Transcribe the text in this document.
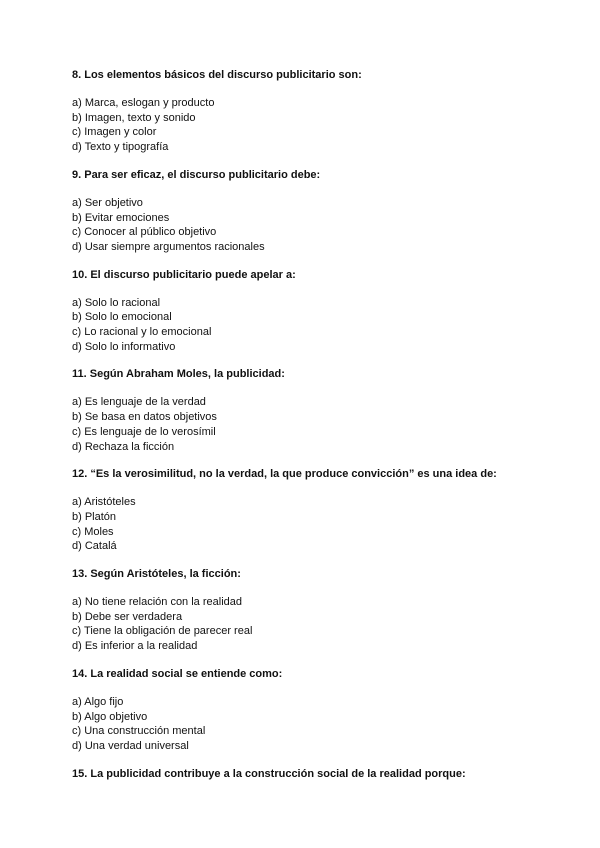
8. Los elementos básicos del discurso publicitario son:

a) Marca, eslogan y producto

b) Imagen, texto y sonido

c) Imagen y color

d) Texto y tipografía

9. Para ser eficaz, el discurso publicitario debe:

a) Ser objetivo

b) Evitar emociones

c) Conocer al público objetivo

d) Usar siempre argumentos racionales

10. El discurso publicitario puede apelar a:

a) Solo lo racional

b) Solo lo emocional

c) Lo racional y lo emocional

d) Solo lo informativo

11. Según Abraham Moles, la publicidad:

a) Es lenguaje de la verdad

b) Se basa en datos objetivos

c) Es lenguaje de lo verosímil

d) Rechaza la ficción

12. “Es la verosimilitud, no la verdad, la que produce convicción” es una idea de:

a) Aristóteles

b) Platón

c) Moles

d) Catalá

13. Según Aristóteles, la ficción:

a) No tiene relación con la realidad

b) Debe ser verdadera

c) Tiene la obligación de parecer real

d) Es inferior a la realidad

14. La realidad social se entiende como:

a) Algo fijo

b) Algo objetivo

c) Una construcción mental

d) Una verdad universal

15. La publicidad contribuye a la construcción social de la realidad porque:
